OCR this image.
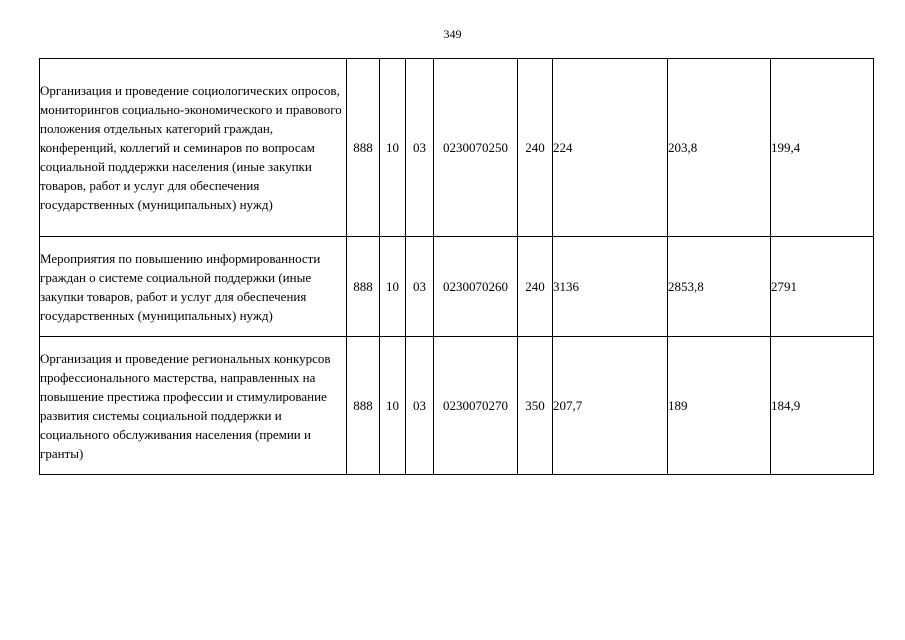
349
Организация и проведение социологических опросов, мониторингов социально-экономического и правового положения отдельных категорий граждан, конференций, коллегий и семинаров по вопросам социальной поддержки населения (иные закупки товаров, работ и услуг для обеспечения государственных (муниципальных) нужд)	888	10	03	0230070250	240	224	203,8	199,4
Мероприятия по повышению информированности граждан о системе социальной поддержки (иные закупки товаров, работ и услуг для обеспечения государственных (муниципальных) нужд)	888	10	03	0230070260	240	3136	2853,8	2791
Организация и проведение региональных конкурсов профессионального мастерства, направленных на повышение престижа профессии и стимулирование развития системы социальной поддержки и социального обслуживания населения (премии и гранты)	888	10	03	0230070270	350	207,7	189	184,9
